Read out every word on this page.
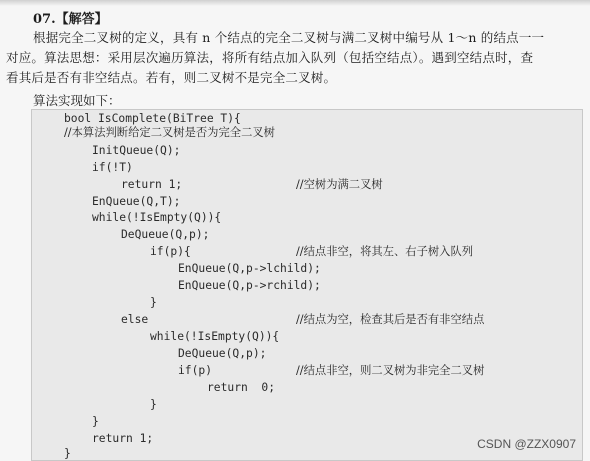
07.【解答】
根据完全二叉树的定义，具有 n 个结点的完全二叉树与满二叉树中编号从 1～n 的结点一一
对应。算法思想：采用层次遍历算法，将所有结点加入队列（包括空结点）。遇到空结点时，查
看其后是否有非空结点。若有，则二叉树不是完全二叉树。
算法实现如下：
bool IsComplete(BiTree T){
//本算法判断给定二叉树是否为完全二叉树
InitQueue(Q);
if(!T)
return 1;	//空树为满二叉树
EnQueue(Q,T);
while(!IsEmpty(Q)){
DeQueue(Q,p);
if(p){	//结点非空，将其左、右子树入队列
EnQueue(Q,p->lchild);
EnQueue(Q,p->rchild);
}
else	//结点为空，检查其后是否有非空结点
while(!IsEmpty(Q)){
DeQueue(Q,p);
if(p)	//结点非空，则二叉树为非完全二叉树
return  0;
}
}
return 1;
}
CSDN @ZZX0907
